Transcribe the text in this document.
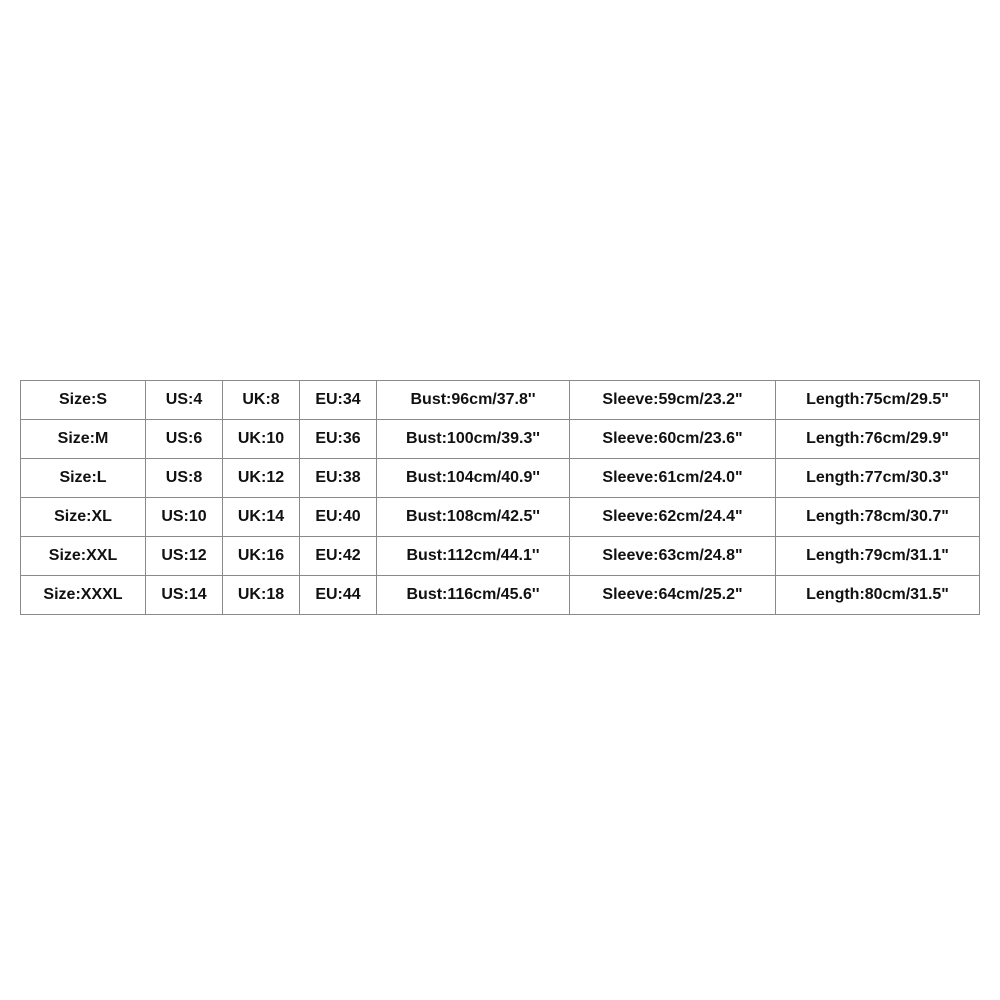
Size:S	US:4	UK:8	EU:34	Bust:96cm/37.8''	Sleeve:59cm/23.2"	Length:75cm/29.5"
Size:M	US:6	UK:10	EU:36	Bust:100cm/39.3''	Sleeve:60cm/23.6"	Length:76cm/29.9"
Size:L	US:8	UK:12	EU:38	Bust:104cm/40.9''	Sleeve:61cm/24.0"	Length:77cm/30.3"
Size:XL	US:10	UK:14	EU:40	Bust:108cm/42.5''	Sleeve:62cm/24.4"	Length:78cm/30.7"
Size:XXL	US:12	UK:16	EU:42	Bust:112cm/44.1''	Sleeve:63cm/24.8"	Length:79cm/31.1"
Size:XXXL	US:14	UK:18	EU:44	Bust:116cm/45.6''	Sleeve:64cm/25.2"	Length:80cm/31.5"
